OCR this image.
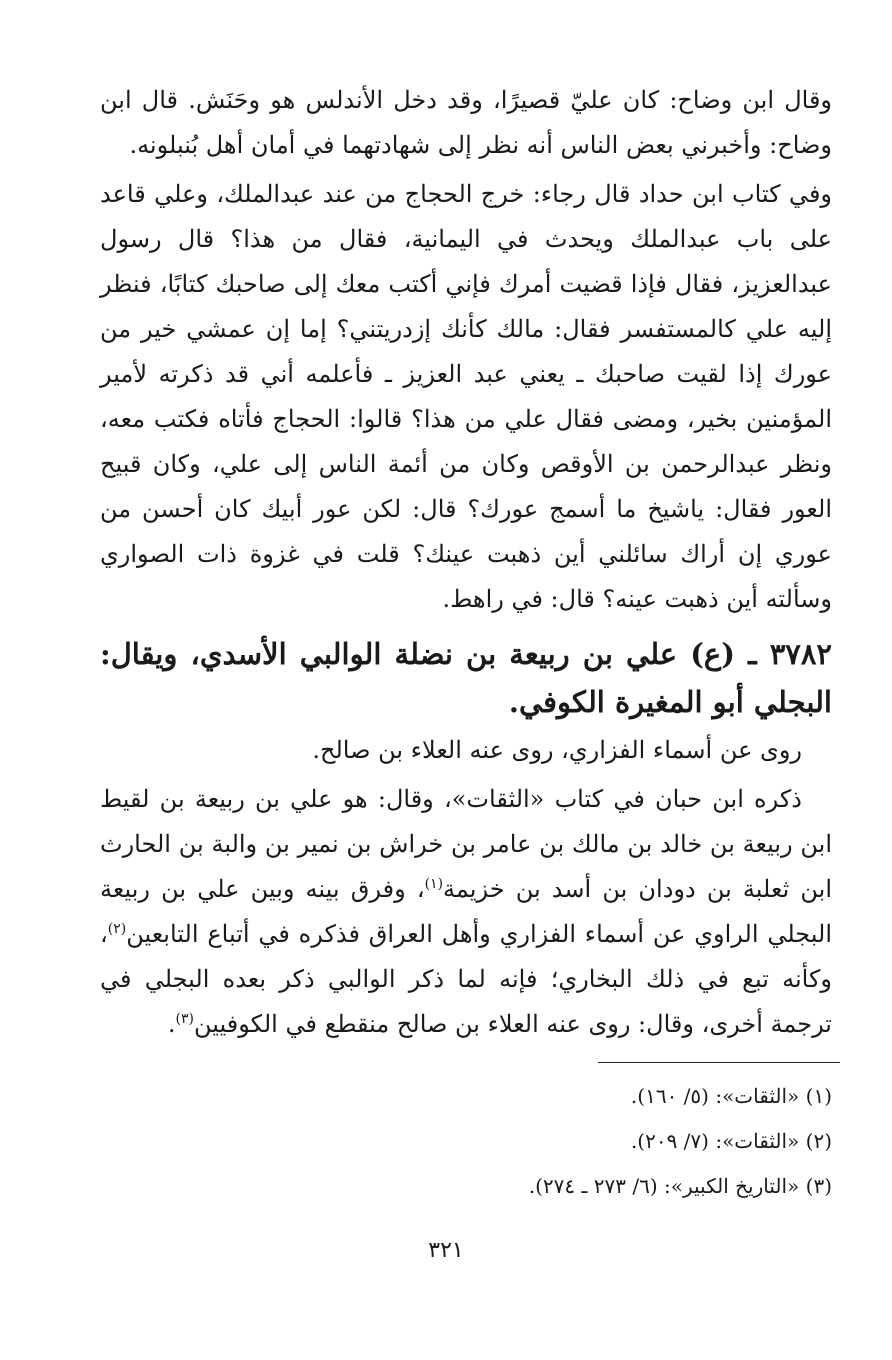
وقال ابن وضاح: كان عليّ قصيرًا، وقد دخل الأندلس هو وحَنَش. قال ابن وضاح: وأخبرني بعض الناس أنه نظر إلى شهادتهما في أمان أهل بُنبلونه.

وفي كتاب ابن حداد قال رجاء: خرج الحجاج من عند عبدالملك، وعلي قاعد على باب عبدالملك ويحدث في اليمانية، فقال من هذا؟ قال رسول عبدالعزيز، فقال فإذا قضيت أمرك فإني أكتب معك إلى صاحبك كتابًا، فنظر إليه علي كالمستفسر فقال: مالك كأنك إزدريتني؟ إما إن عمشي خير من عورك إذا لقيت صاحبك ـ يعني عبد العزيز ـ فأعلمه أني قد ذكرته لأمير المؤمنين بخير، ومضى فقال علي من هذا؟ قالوا: الحجاج فأتاه فكتب معه، ونظر عبدالرحمن بن الأوقص وكان من أئمة الناس إلى علي، وكان قبيح العور فقال: ياشيخ ما أسمج عورك؟ قال: لكن عور أبيك كان أحسن من عوري إن أراك سائلني أين ذهبت عينك؟ قلت في غزوة ذات الصواري وسألته أين ذهبت عينه؟ قال: في راهط.

٣٧٨٢ ـ (ع) علي بن ربيعة بن نضلة الوالبي الأسدي، ويقال: البجلي أبو المغيرة الكوفي.

روى عن أسماء الفزاري، روى عنه العلاء بن صالح.

ذكره ابن حبان في كتاب «الثقات»، وقال: هو علي بن ربيعة بن لقيط ابن ربيعة بن خالد بن مالك بن عامر بن خراش بن نمير بن والبة بن الحارث ابن ثعلبة بن دودان بن أسد بن خزيمة$^{(١)}$، وفرق بينه وبين علي بن ربيعة البجلي الراوي عن أسماء الفزاري وأهل العراق فذكره في أتباع التابعين$^{(٢)}$، وكأنه تبع في ذلك البخاري؛ فإنه لما ذكر الوالبي ذكر بعده البجلي في ترجمة أخرى، وقال: روى عنه العلاء بن صالح منقطع في الكوفيين$^{(٣)}$.

(١) «الثقات»: (٥/ ١٦٠).
(٢) «الثقات»: (٧/ ٢٠٩).
(٣) «التاريخ الكبير»: (٦/ ٢٧٣ ـ ٢٧٤).
٣٢١
